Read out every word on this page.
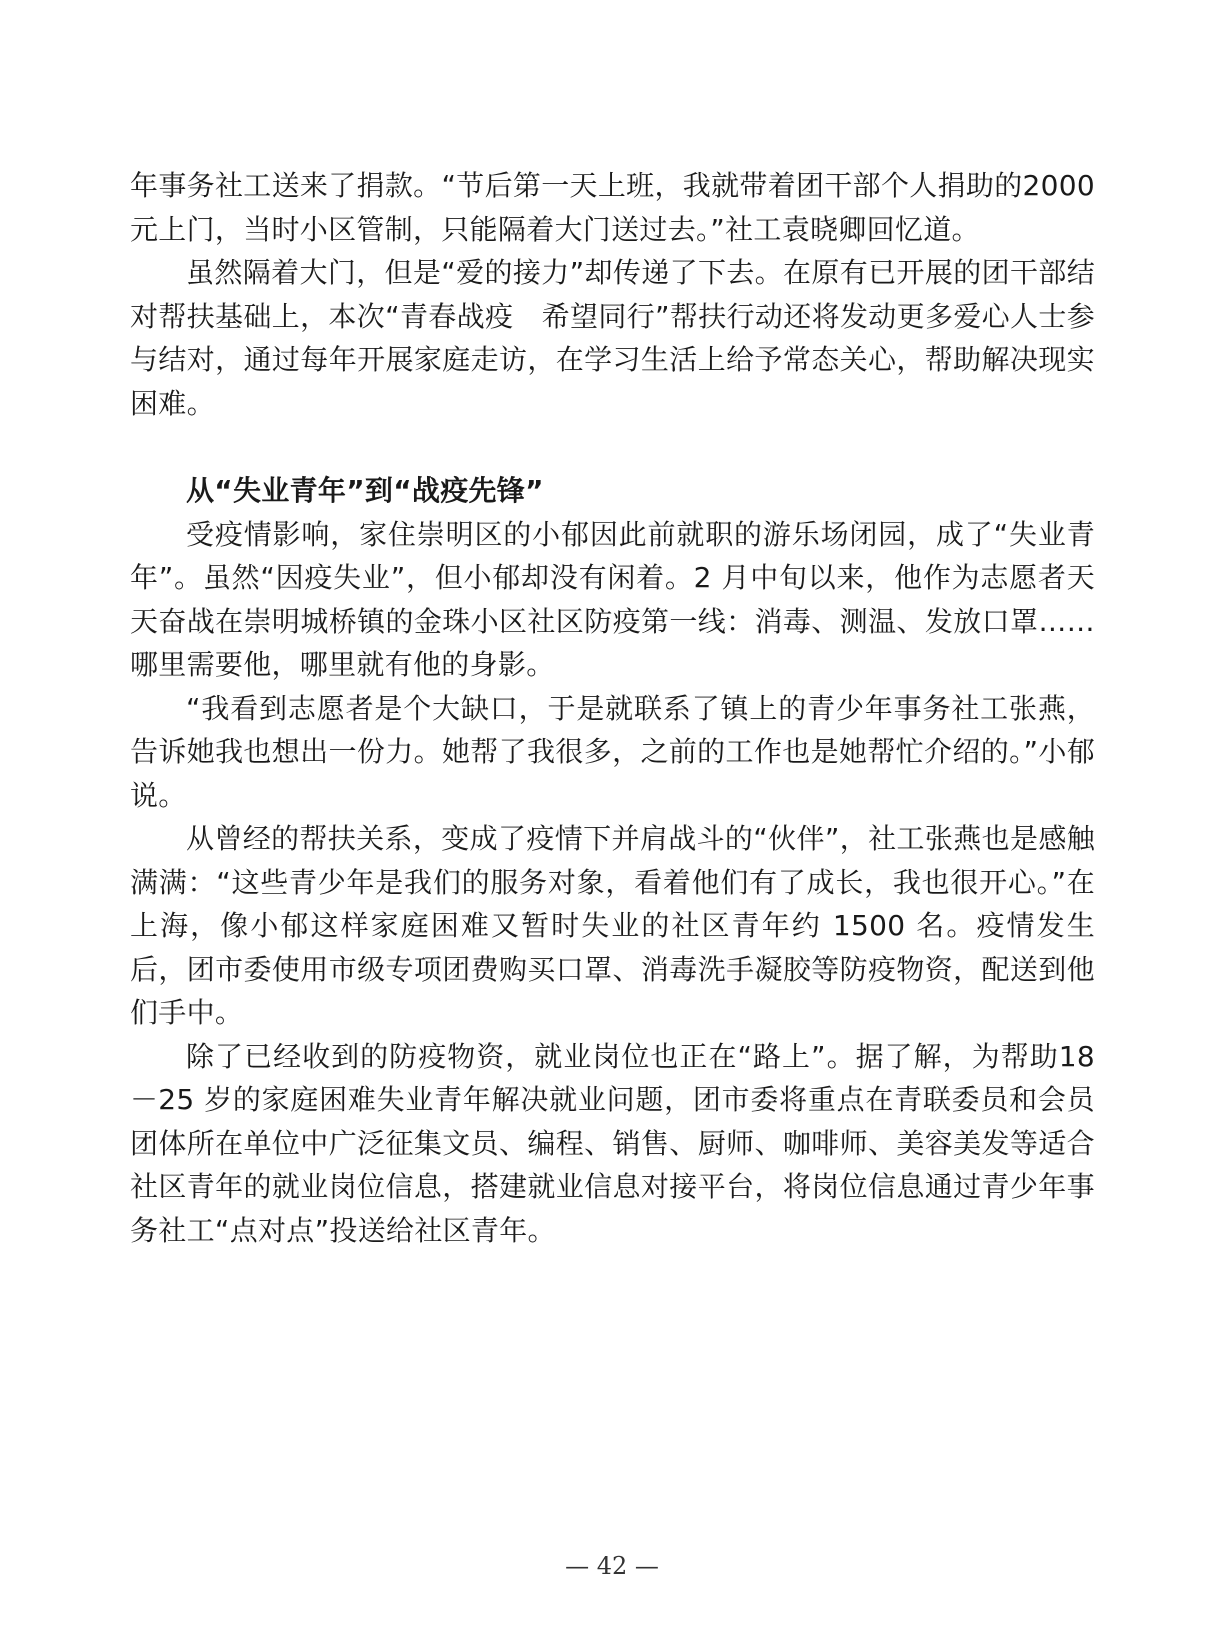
年事务社工送来了捐款。“节后第一天上班，我就带着团干部个人捐助的2000 元上门，当时小区管制，只能隔着大门送过去。”社工袁晓卿回忆道。

虽然隔着大门，但是“爱的接力”却传递了下去。在原有已开展的团干部结对帮扶基础上，本次“青春战疫　希望同行”帮扶行动还将发动更多爱心人士参与结对，通过每年开展家庭走访，在学习生活上给予常态关心，帮助解决现实困难。

从“失业青年”到“战疫先锋”

受疫情影响，家住崇明区的小郁因此前就职的游乐场闭园，成了“失业青年”。虽然“因疫失业”，但小郁却没有闲着。2 月中旬以来，他作为志愿者天天奋战在崇明城桥镇的金珠小区社区防疫第一线：消毒、测温、发放口罩……哪里需要他，哪里就有他的身影。

“我看到志愿者是个大缺口，于是就联系了镇上的青少年事务社工张燕，告诉她我也想出一份力。她帮了我很多，之前的工作也是她帮忙介绍的。”小郁说。

从曾经的帮扶关系，变成了疫情下并肩战斗的“伙伴”，社工张燕也是感触满满：“这些青少年是我们的服务对象，看着他们有了成长，我也很开心。”在上海，像小郁这样家庭困难又暂时失业的社区青年约 1500 名。疫情发生后，团市委使用市级专项团费购买口罩、消毒洗手凝胶等防疫物资，配送到他们手中。

除了已经收到的防疫物资，就业岗位也正在“路上”。据了解，为帮助18－25 岁的家庭困难失业青年解决就业问题，团市委将重点在青联委员和会员团体所在单位中广泛征集文员、编程、销售、厨师、咖啡师、美容美发等适合社区青年的就业岗位信息，搭建就业信息对接平台，将岗位信息通过青少年事务社工“点对点”投送给社区青年。

— 42 —
